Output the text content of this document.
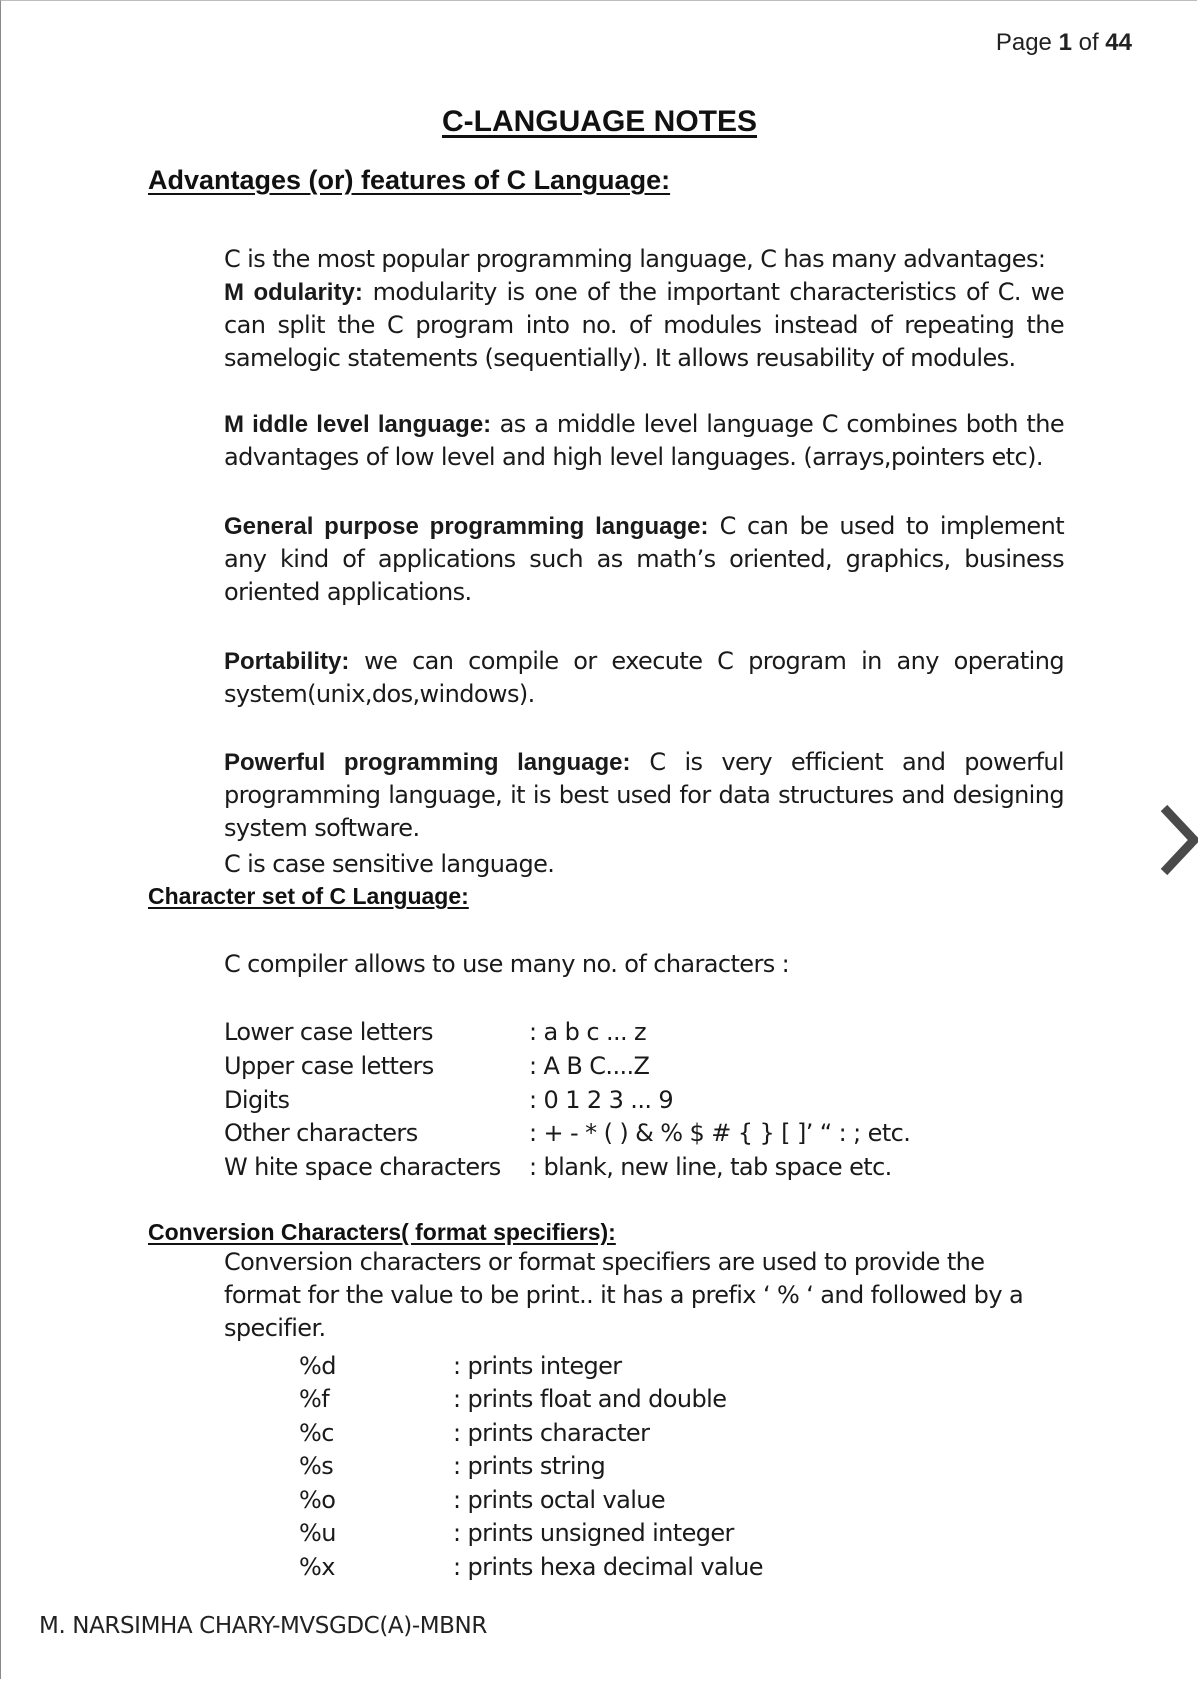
Page 1 of 44
C-LANGUAGE NOTES
Advantages (or) features of C Language:
C is the most popular programming language, C has many advantages:
M odularity: modularity is one of the important characteristics of C. we can split the C program into no. of modules instead of repeating the samelogic statements (sequentially). It allows reusability of modules.
M iddle level language: as a middle level language C combines both the advantages of low level and high level languages. (arrays,pointers etc).
General purpose programming language: C can be used to implement any kind of applications such as math’s oriented, graphics, business oriented applications.
Portability: we can compile or execute C program in any operating system(unix,dos,windows).
Powerful programming language: C is very efficient and powerful programming language, it is best used for data structures and designing system software.
C is case sensitive language.
Character set of C Language:
C compiler allows to use many no. of characters :
Lower case letters	: a b c ... z
Upper case letters	: A B C....Z
Digits	: 0 1 2 3 ... 9
Other characters	: + - * ( ) & % $ # { } [ ]’ “ : ; etc.
W hite space characters : blank, new line, tab space etc.
Conversion Characters( format specifiers):
Conversion characters or format specifiers are used to provide the format for the value to be print.. it has a prefix ‘ % ‘ and followed by a specifier.
%d	: prints integer
%f	: prints float and double
%c	: prints character
%s	: prints string
%o	: prints octal value
%u	: prints unsigned integer
%x	: prints hexa decimal value
M. NARSIMHA CHARY-MVSGDC(A)-MBNR
